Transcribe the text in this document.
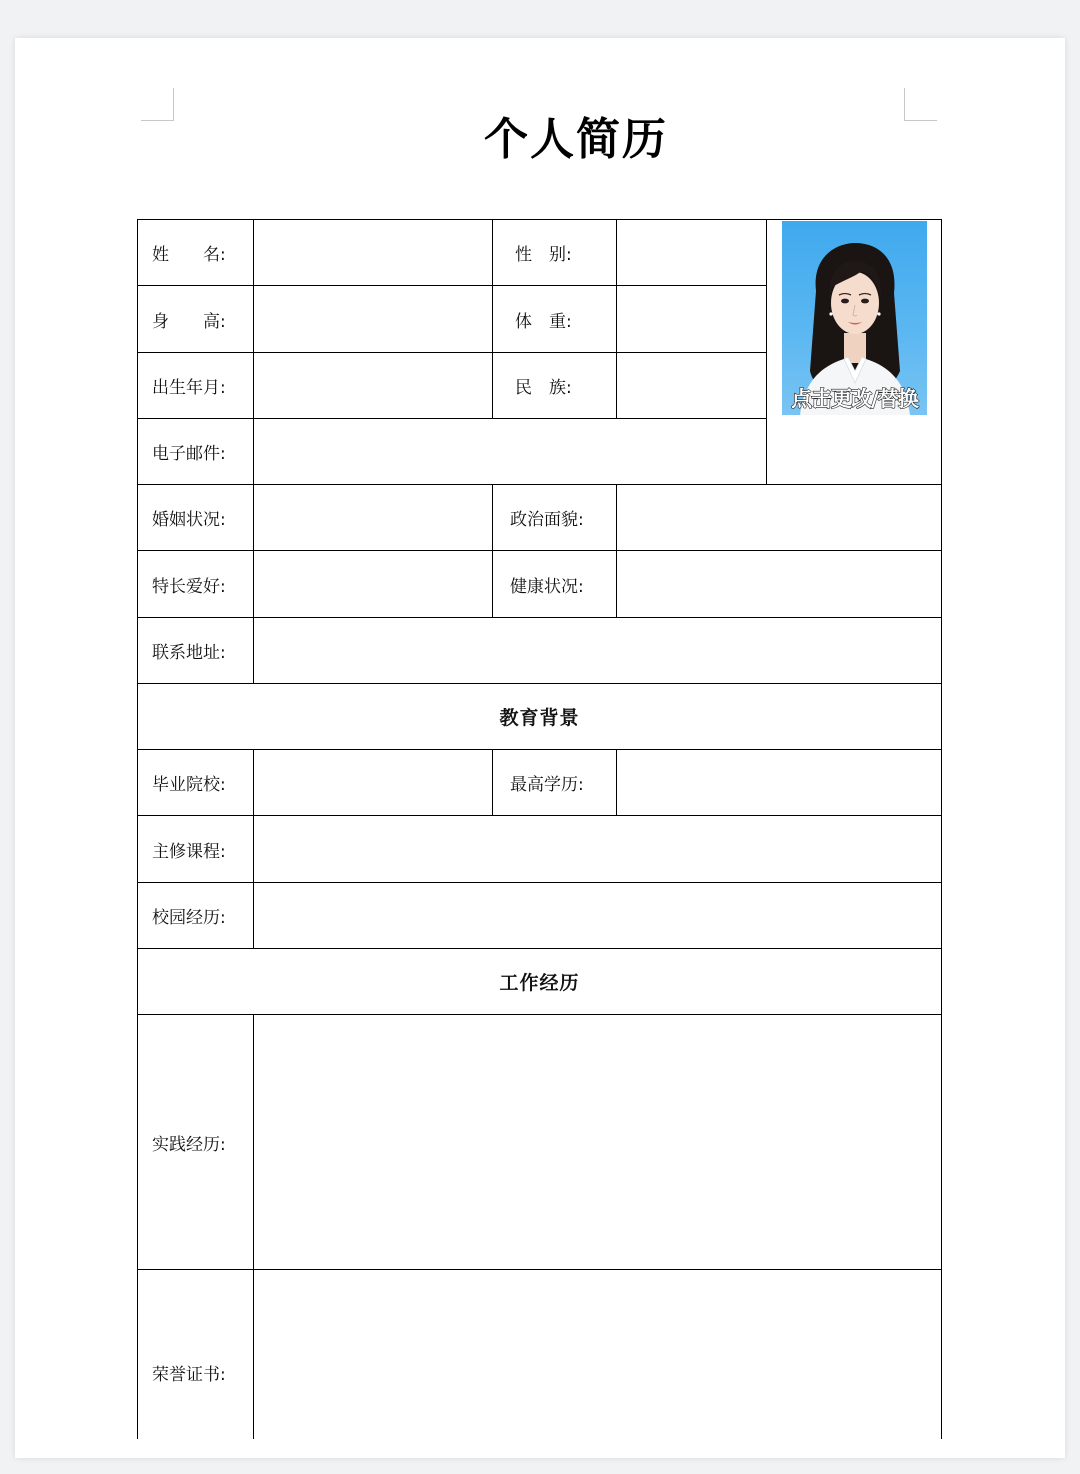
个人简历
姓　　名:	性　别:
身　　高:	体　重:
出生年月:	民　族:
电子邮件:
点击更改/替换
婚姻状况:	政治面貌:
特长爱好:	健康状况:
联系地址:
教育背景
毕业院校:	最高学历:
主修课程:
校园经历:
工作经历
实践经历:
荣誉证书:
